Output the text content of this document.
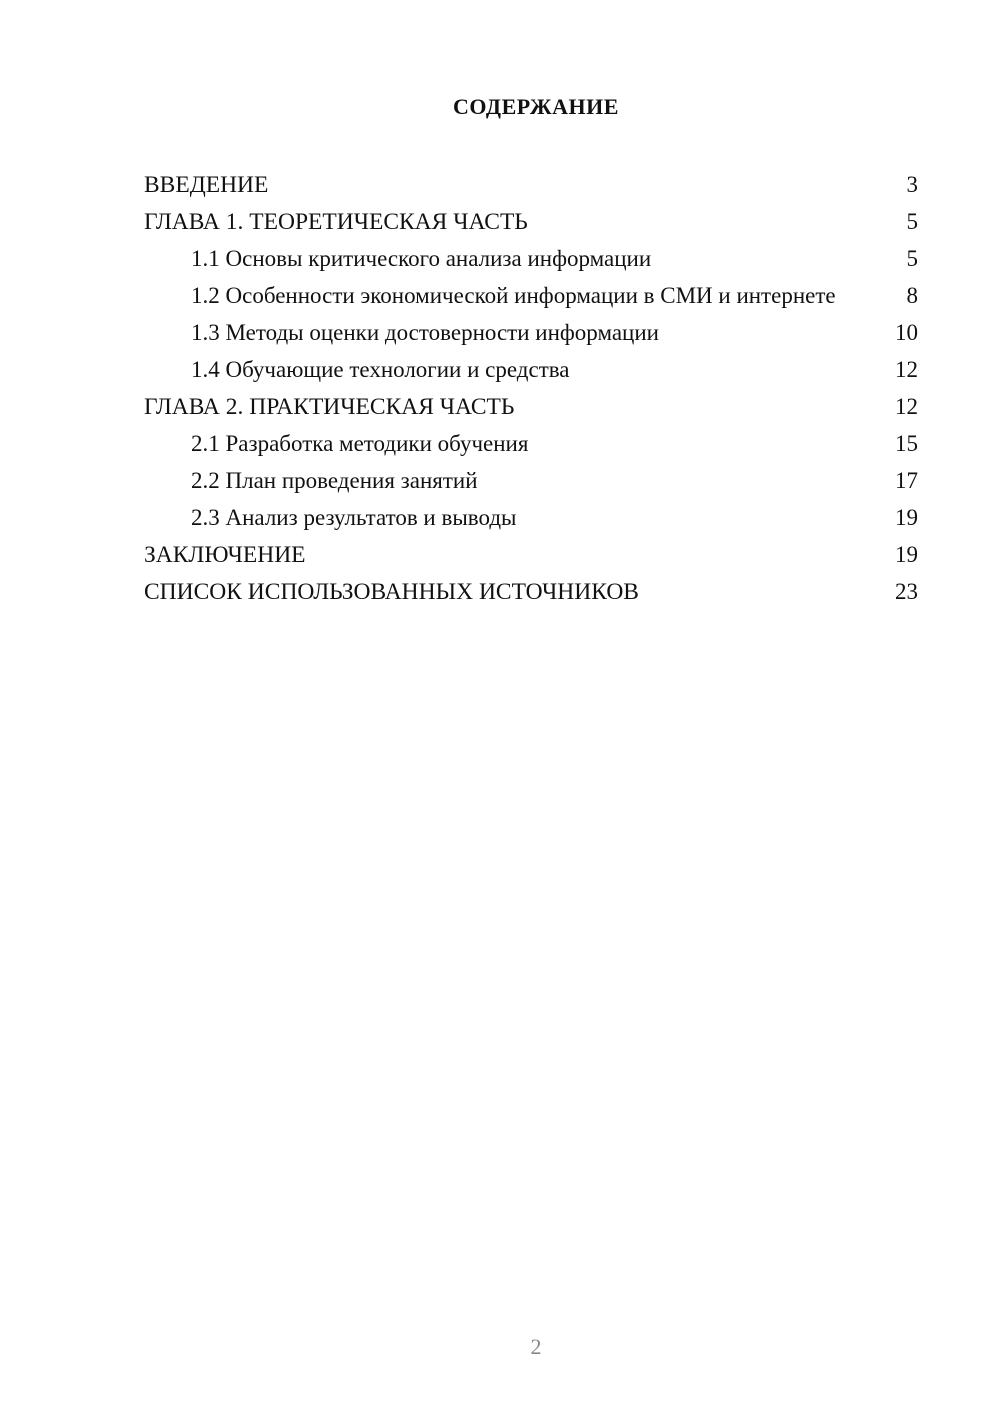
СОДЕРЖАНИЕ
ВВЕДЕНИЕ	3
ГЛАВА 1. ТЕОРЕТИЧЕСКАЯ ЧАСТЬ	5
1.1 Основы критического анализа информации	5
1.2 Особенности экономической информации в СМИ и интернете	8
1.3 Методы оценки достоверности информации	10
1.4 Обучающие технологии и средства	12
ГЛАВА 2. ПРАКТИЧЕСКАЯ ЧАСТЬ	12
2.1 Разработка методики обучения	15
2.2 План проведения занятий	17
2.3 Анализ результатов и выводы	19
ЗАКЛЮЧЕНИЕ	19
СПИСОК ИСПОЛЬЗОВАННЫХ ИСТОЧНИКОВ	23
2
